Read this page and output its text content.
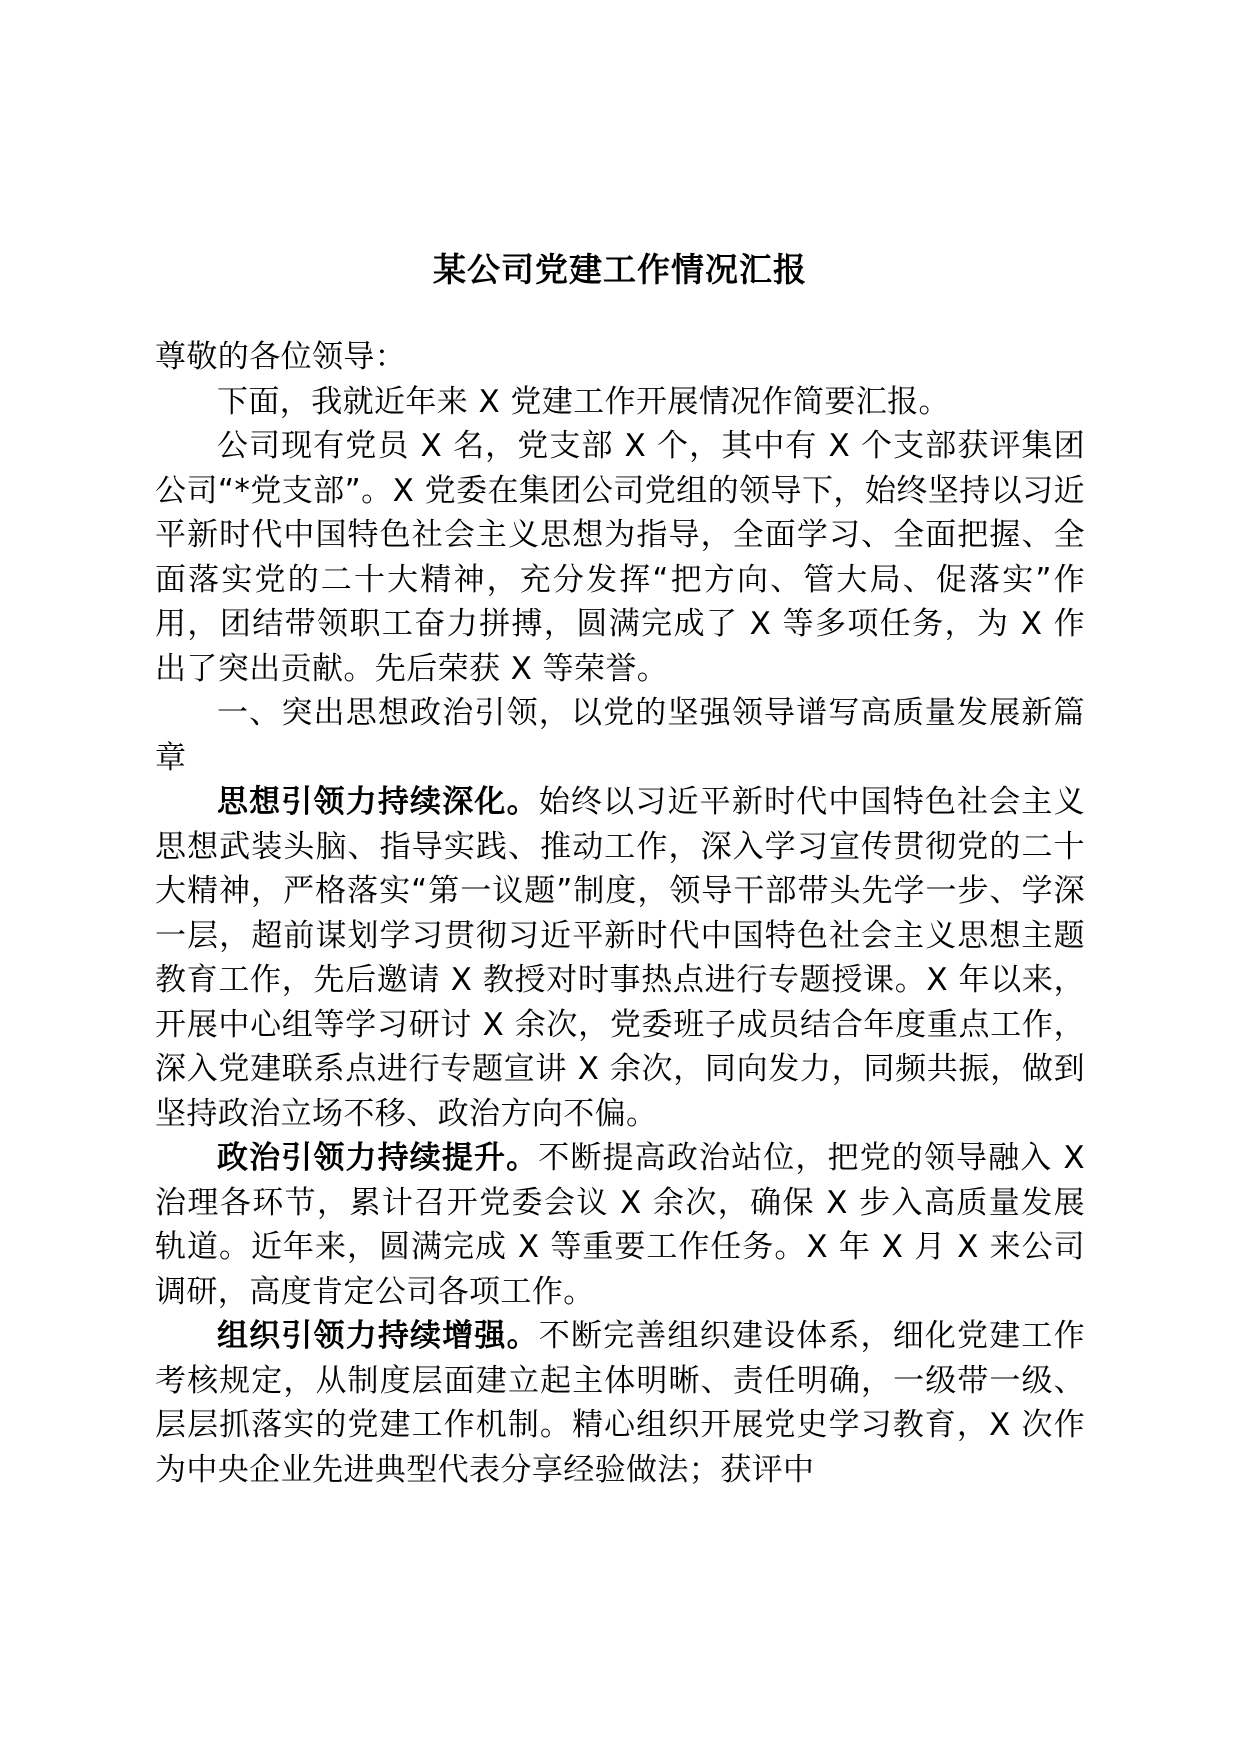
某公司党建工作情况汇报

尊敬的各位领导：

下面，我就近年来 X 党建工作开展情况作简要汇报。

公司现有党员 X 名，党支部 X 个，其中有 X 个支部获评集团公司“*党支部”。X 党委在集团公司党组的领导下，始终坚持以习近平新时代中国特色社会主义思想为指导，全面学习、全面把握、全面落实党的二十大精神，充分发挥“把方向、管大局、促落实”作用，团结带领职工奋力拼搏，圆满完成了 X 等多项任务，为 X 作出了突出贡献。先后荣获 X 等荣誉。

一、突出思想政治引领，以党的坚强领导谱写高质量发展新篇章

思想引领力持续深化。始终以习近平新时代中国特色社会主义思想武装头脑、指导实践、推动工作，深入学习宣传贯彻党的二十大精神，严格落实“第一议题”制度，领导干部带头先学一步、学深一层，超前谋划学习贯彻习近平新时代中国特色社会主义思想主题教育工作，先后邀请 X 教授对时事热点进行专题授课。X 年以来，开展中心组等学习研讨 X 余次，党委班子成员结合年度重点工作，深入党建联系点进行专题宣讲 X 余次，同向发力，同频共振，做到坚持政治立场不移、政治方向不偏。

政治引领力持续提升。不断提高政治站位，把党的领导融入 X 治理各环节，累计召开党委会议 X 余次，确保 X 步入高质量发展轨道。近年来，圆满完成 X 等重要工作任务。X 年 X 月 X 来公司调研，高度肯定公司各项工作。

组织引领力持续增强。不断完善组织建设体系，细化党建工作考核规定，从制度层面建立起主体明晰、责任明确，一级带一级、层层抓落实的党建工作机制。精心组织开展党史学习教育，X 次作为中央企业先进典型代表分享经验做法；获评中
